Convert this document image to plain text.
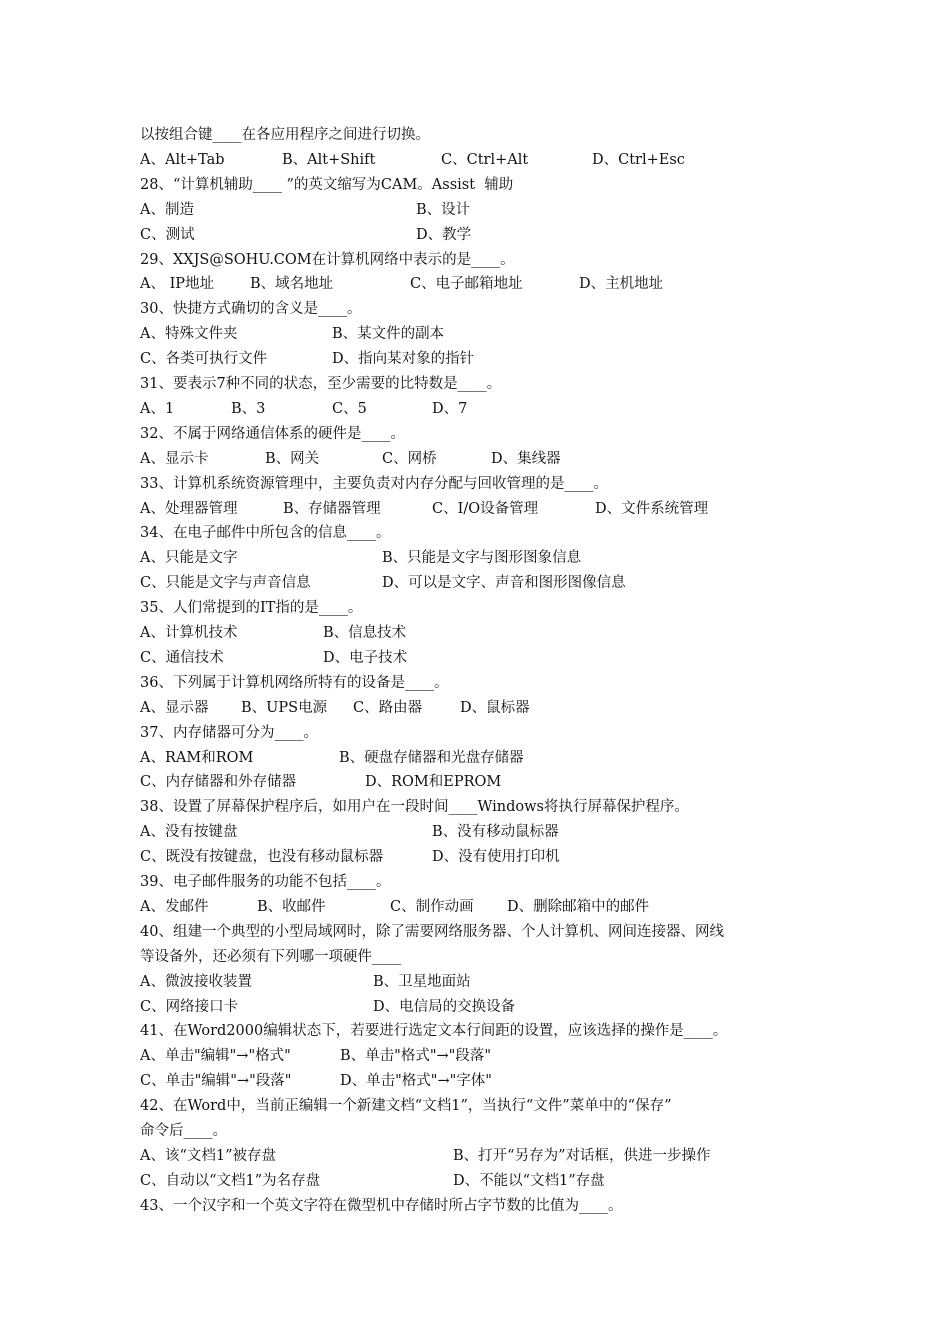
以按组合键____在各应用程序之间进行切换。
A、Alt+Tab	B、Alt+Shift	C、Ctrl+Alt	D、Ctrl+Esc
28、“计算机辅助____ ”的英文缩写为CAM。Assist  辅助
A、制造	B、设计
C、测试	D、教学
29、XXJS@SOHU.COM在计算机网络中表示的是____。
A、 IP地址 B、域名地址	C、电子邮箱地址	D、主机地址
30、快捷方式确切的含义是____。
A、特殊文件夹	B、某文件的副本
C、各类可执行文件	D、指向某对象的指针
31、要表示7种不同的状态，至少需要的比特数是____。
A、1	B、3	C、5	D、7
32、不属于网络通信体系的硬件是____。
A、显示卡	B、网关	C、网桥	D、集线器
33、计算机系统资源管理中，主要负责对内存分配与回收管理的是____。
A、处理器管理	B、存储器管理	C、I/O设备管理	D、文件系统管理
34、在电子邮件中所包含的信息____。
A、只能是文字	B、只能是文字与图形图象信息
C、只能是文字与声音信息	D、可以是文字、声音和图形图像信息
35、人们常提到的IT指的是____。
A、计算机技术	B、信息技术
C、通信技术	D、电子技术
36、下列属于计算机网络所特有的设备是____。
A、显示器 B、UPS电源 C、路由器	D、鼠标器
37、内存储器可分为____。
A、RAM和ROM	B、硬盘存储器和光盘存储器
C、内存储器和外存储器	D、ROM和EPROM
38、设置了屏幕保护程序后，如用户在一段时间____Windows将执行屏幕保护程序。
A、没有按键盘	B、没有移动鼠标器
C、既没有按键盘，也没有移动鼠标器	D、没有使用打印机
39、电子邮件服务的功能不包括____。
A、发邮件	B、收邮件	C、制作动画 D、删除邮箱中的邮件
40、组建一个典型的小型局域网时，除了需要网络服务器、个人计算机、网间连接器、网线
等设备外，还必须有下列哪一项硬件____
A、微波接收装置	B、卫星地面站
C、网络接口卡	D、电信局的交换设备
41、在Word2000编辑状态下，若要进行选定文本行间距的设置，应该选择的操作是____。
A、单击"编辑"→"格式"	B、单击"格式"→"段落"
C、单击"编辑"→"段落"	D、单击"格式"→"字体"
42、在Word中，当前正编辑一个新建文档“文档1”，当执行“文件”菜单中的“保存”
命令后____。
A、该“文档1”被存盘	B、打开“另存为”对话框，供进一步操作
C、自动以“文档1”为名存盘	D、不能以“文档1”存盘
43、一个汉字和一个英文字符在微型机中存储时所占字节数的比值为____。
